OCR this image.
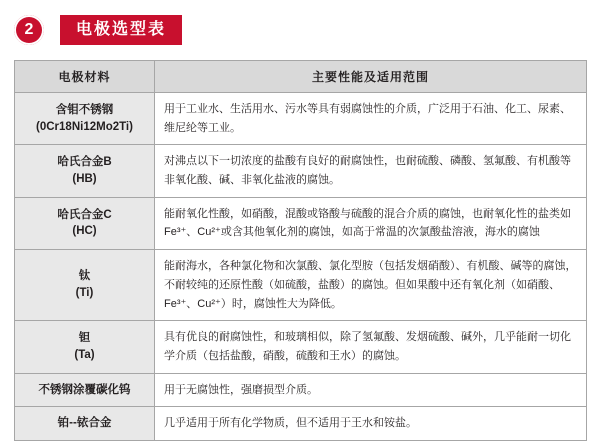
2	电极选型表
电极材料	主要性能及适用范围

含钼不锈钢
(0Cr18Ni12Mo2Ti)	用于工业水、生活用水、污水等具有弱腐蚀性的介质，广泛用于石油、化工、尿素、维尼纶等工业。

哈氏合金B
(HB)	对沸点以下一切浓度的盐酸有良好的耐腐蚀性，也耐硫酸、磷酸、氢氟酸、有机酸等非氧化酸、碱、非氧化盐液的腐蚀。

哈氏合金C
(HC)	能耐氧化性酸，如硝酸，混酸或铬酸与硫酸的混合介质的腐蚀，也耐氧化性的盐类如Fe³⁺、Cu²⁺或含其他氧化剂的腐蚀，如高于常温的次氯酸盐溶液，海水的腐蚀

钛
(Ti)	能耐海水，各种氯化物和次氯酸、氯化型胺（包括发烟硝酸）、有机酸、碱等的腐蚀，不耐较纯的还原性酸（如硫酸，盐酸）的腐蚀。但如果酸中还有氧化剂（如硝酸、Fe³⁺、Cu²⁺）时，腐蚀性大为降低。

钽
(Ta)	具有优良的耐腐蚀性，和玻璃相似，除了氢氟酸、发烟硫酸、碱外，几乎能耐一切化学介质（包括盐酸，硝酸，硫酸和王水）的腐蚀。

不锈钢涂覆碳化钨	用于无腐蚀性，强磨损型介质。

铂--铱合金	几乎适用于所有化学物质，但不适用于王水和铵盐。
